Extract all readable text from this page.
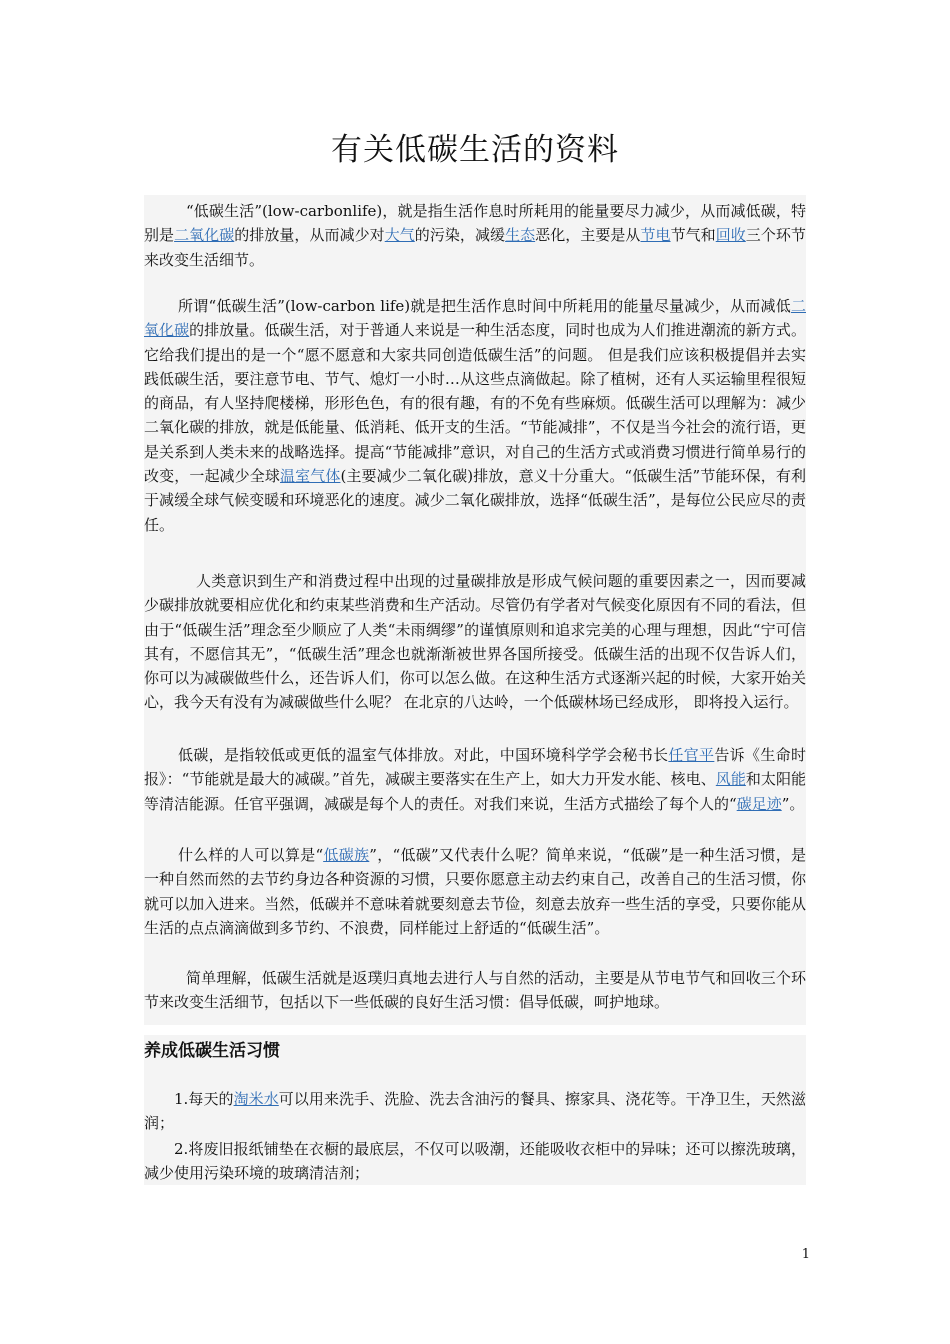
有关低碳生活的资料

“低碳生活”(low-carbonlife)，就是指生活作息时所耗用的能量要尽力减少，从而减低碳，特别是二氧化碳的排放量，从而减少对大气的污染，减缓生态恶化，主要是从节电节气和回收三个环节来改变生活细节。

所谓“低碳生活”(low-carbon life)就是把生活作息时间中所耗用的能量尽量减少，从而减低二氧化碳的排放量。低碳生活，对于普通人来说是一种生活态度，同时也成为人们推进潮流的新方式。它给我们提出的是一个“愿不愿意和大家共同创造低碳生活”的问题。 但是我们应该积极提倡并去实践低碳生活，要注意节电、节气、熄灯一小时…从这些点滴做起。除了植树，还有人买运输里程很短的商品，有人坚持爬楼梯，形形色色，有的很有趣，有的不免有些麻烦。低碳生活可以理解为：减少二氧化碳的排放，就是低能量、低消耗、低开支的生活。“节能减排”，不仅是当今社会的流行语，更是关系到人类未来的战略选择。提高“节能减排”意识，对自己的生活方式或消费习惯进行简单易行的改变，一起减少全球温室气体(主要减少二氧化碳)排放，意义十分重大。“低碳生活”节能环保，有利于减缓全球气候变暖和环境恶化的速度。减少二氧化碳排放，选择“低碳生活”，是每位公民应尽的责任。

人类意识到生产和消费过程中出现的过量碳排放是形成气候问题的重要因素之一，因而要减少碳排放就要相应优化和约束某些消费和生产活动。尽管仍有学者对气候变化原因有不同的看法，但由于“低碳生活”理念至少顺应了人类“未雨绸缪”的谨慎原则和追求完美的心理与理想，因此“宁可信其有，不愿信其无”，“低碳生活”理念也就渐渐被世界各国所接受。低碳生活的出现不仅告诉人们，你可以为减碳做些什么，还告诉人们，你可以怎么做。在这种生活方式逐渐兴起的时候，大家开始关心，我今天有没有为减碳做些什么呢？ 在北京的八达岭，一个低碳林场已经成形， 即将投入运行。

低碳，是指较低或更低的温室气体排放。对此，中国环境科学学会秘书长任官平告诉《生命时报》：“节能就是最大的减碳。”首先，减碳主要落实在生产上，如大力开发水能、核电、风能和太阳能等清洁能源。任官平强调，减碳是每个人的责任。对我们来说，生活方式描绘了每个人的“碳足迹”。

什么样的人可以算是“低碳族”，“低碳”又代表什么呢？简单来说，“低碳”是一种生活习惯，是一种自然而然的去节约身边各种资源的习惯，只要你愿意主动去约束自己，改善自己的生活习惯，你就可以加入进来。当然，低碳并不意味着就要刻意去节俭，刻意去放弃一些生活的享受，只要你能从生活的点点滴滴做到多节约、不浪费，同样能过上舒适的“低碳生活”。

简单理解，低碳生活就是返璞归真地去进行人与自然的活动，主要是从节电节气和回收三个环节来改变生活细节，包括以下一些低碳的良好生活习惯：倡导低碳，呵护地球。

养成低碳生活习惯

1.每天的淘米水可以用来洗手、洗脸、洗去含油污的餐具、擦家具、浇花等。干净卫生，天然滋润；

2.将废旧报纸铺垫在衣橱的最底层，不仅可以吸潮，还能吸收衣柜中的异味；还可以擦洗玻璃，减少使用污染环境的玻璃清洁剂；

1
